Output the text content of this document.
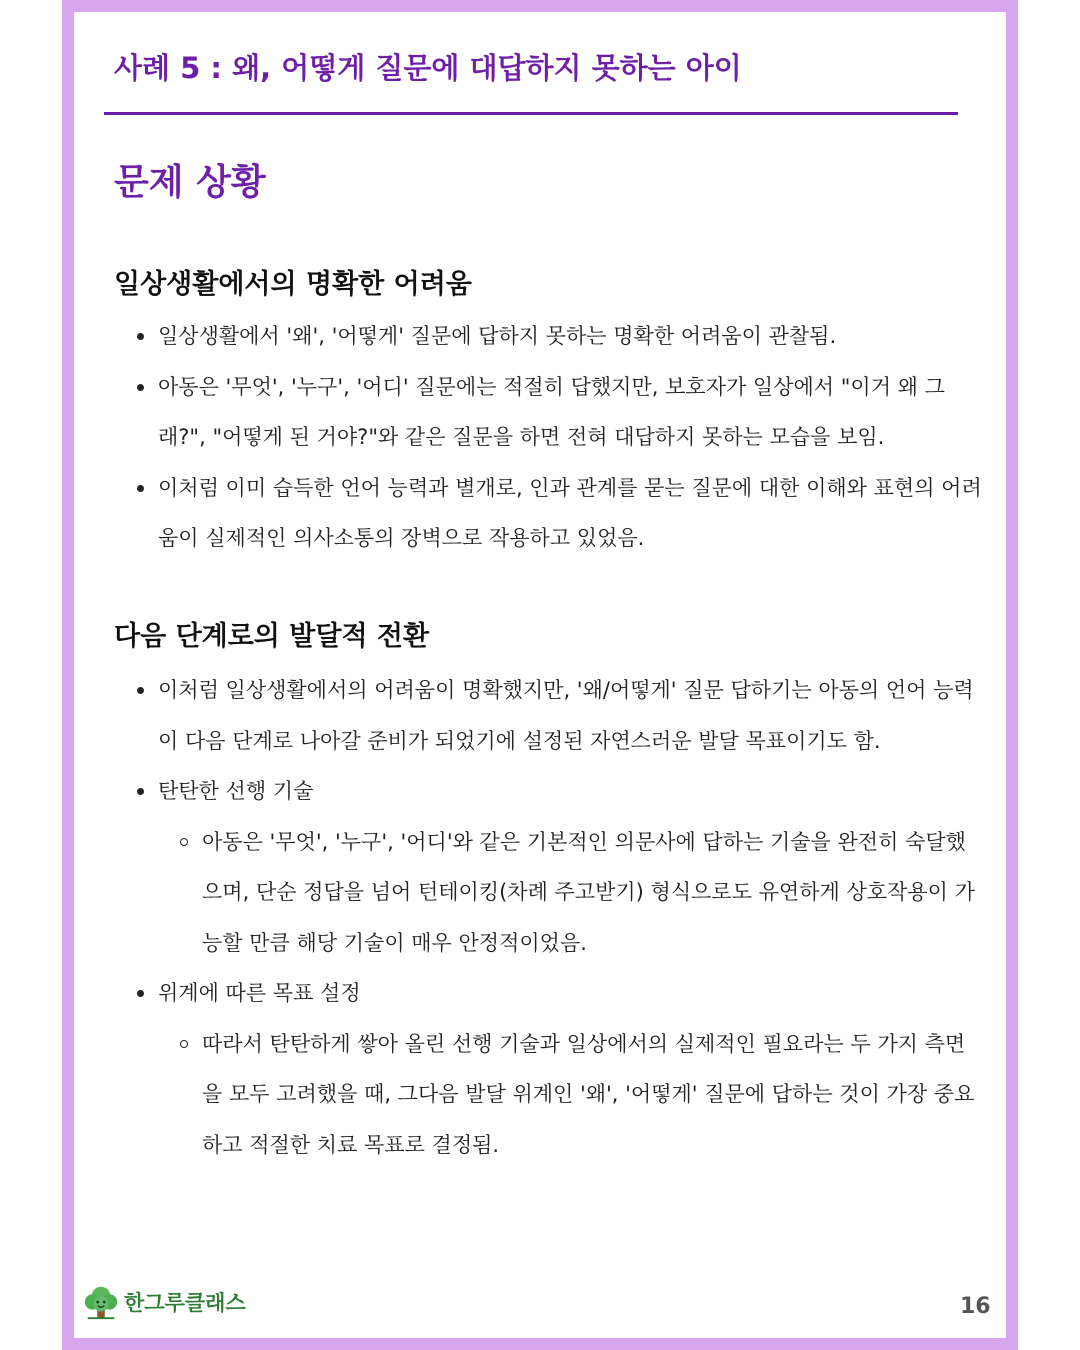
사례 5 : 왜, 어떻게 질문에 대답하지 못하는 아이
문제 상황
일상생활에서의 명확한 어려움
일상생활에서 '왜', '어떻게' 질문에 답하지 못하는 명확한 어려움이 관찰됨.
아동은 '무엇', '누구', '어디' 질문에는 적절히 답했지만, 보호자가 일상에서 "이거 왜 그래?", "어떻게 된 거야?"와 같은 질문을 하면 전혀 대답하지 못하는 모습을 보임.
이처럼 이미 습득한 언어 능력과 별개로, 인과 관계를 묻는 질문에 대한 이해와 표현의 어려움이 실제적인 의사소통의 장벽으로 작용하고 있었음.
다음 단계로의 발달적 전환
이처럼 일상생활에서의 어려움이 명확했지만, '왜/어떻게' 질문 답하기는 아동의 언어 능력이 다음 단계로 나아갈 준비가 되었기에 설정된 자연스러운 발달 목표이기도 함.
탄탄한 선행 기술
아동은 '무엇', '누구', '어디'와 같은 기본적인 의문사에 답하는 기술을 완전히 숙달했으며, 단순 정답을 넘어 턴테이킹(차례 주고받기) 형식으로도 유연하게 상호작용이 가능할 만큼 해당 기술이 매우 안정적이었음.
위계에 따른 목표 설정
따라서 탄탄하게 쌓아 올린 선행 기술과 일상에서의 실제적인 필요라는 두 가지 측면을 모두 고려했을 때, 그다음 발달 위계인 '왜', '어떻게' 질문에 답하는 것이 가장 중요하고 적절한 치료 목표로 결정됨.
한그루클래스	16
